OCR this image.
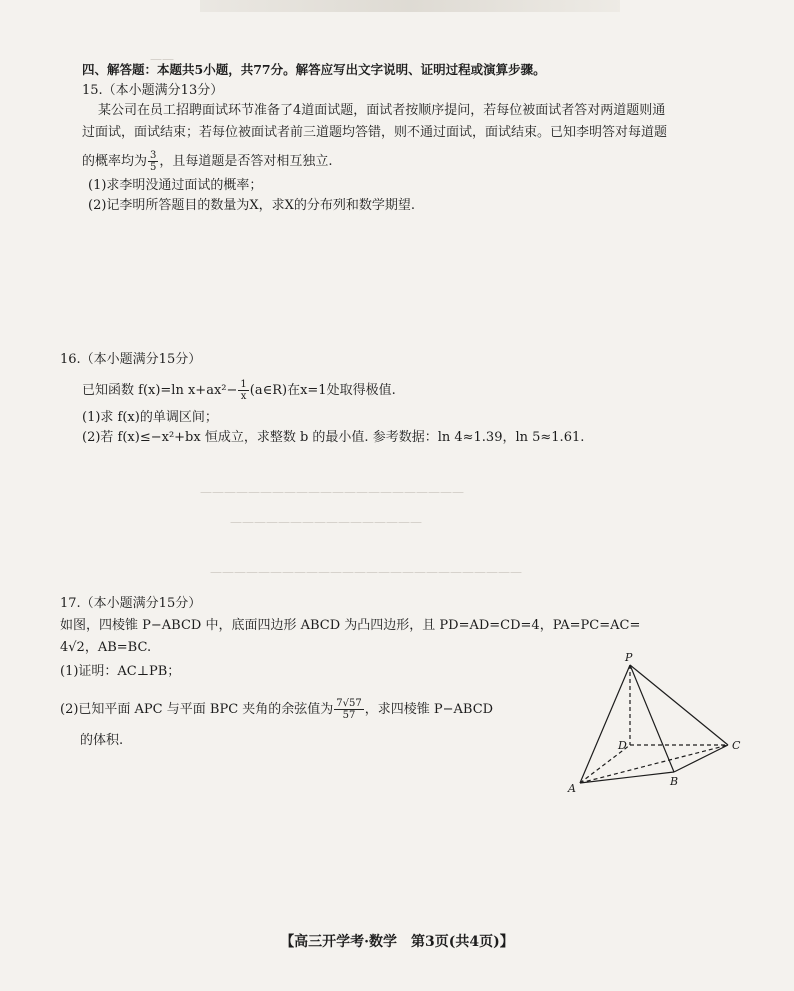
——
——————————————————————
————————————————
——————————————————————————
四、解答题：本题共5小题，共77分。解答应写出文字说明、证明过程或演算步骤。
15.（本小题满分13分）
某公司在员工招聘面试环节准备了4道面试题，面试者按顺序提问，若每位被面试者答对两道题则通
过面试，面试结束；若每位被面试者前三道题均答错，则不通过面试，面试结束。已知李明答对每道题
的概率均为 $\frac{3}{5}$ ，且每道题是否答对相互独立.
(1)求李明没通过面试的概率；
(2)记李明所答题目的数量为X，求X的分布列和数学期望.
16.（本小题满分15分）
已知函数 f(x)=ln $x+ax^2- \frac{1}{x}$ (a∈R)在x=1处取得极值.
(1)求 f(x)的单调区间；
(2)若 f(x)≤−x²+bx 恒成立，求整数 b 的最小值. 参考数据：ln 4≈1.39，ln 5≈1.61.
17.（本小题满分15分）
如图，四棱锥 P−ABCD 中，底面四边形 ABCD 为凸四边形，且 PD=AD=CD=4，PA=PC=AC=
4√2，AB=BC.
(1)证明：AC⊥PB；
(2)已知平面 APC 与平面 BPC 夹角的余弦值为 $\frac{7√57}{57}$ ，求四棱锥 P−ABCD
的体积.
P
A
B
C
D
【高三开学考·数学　第3页(共4页)】
